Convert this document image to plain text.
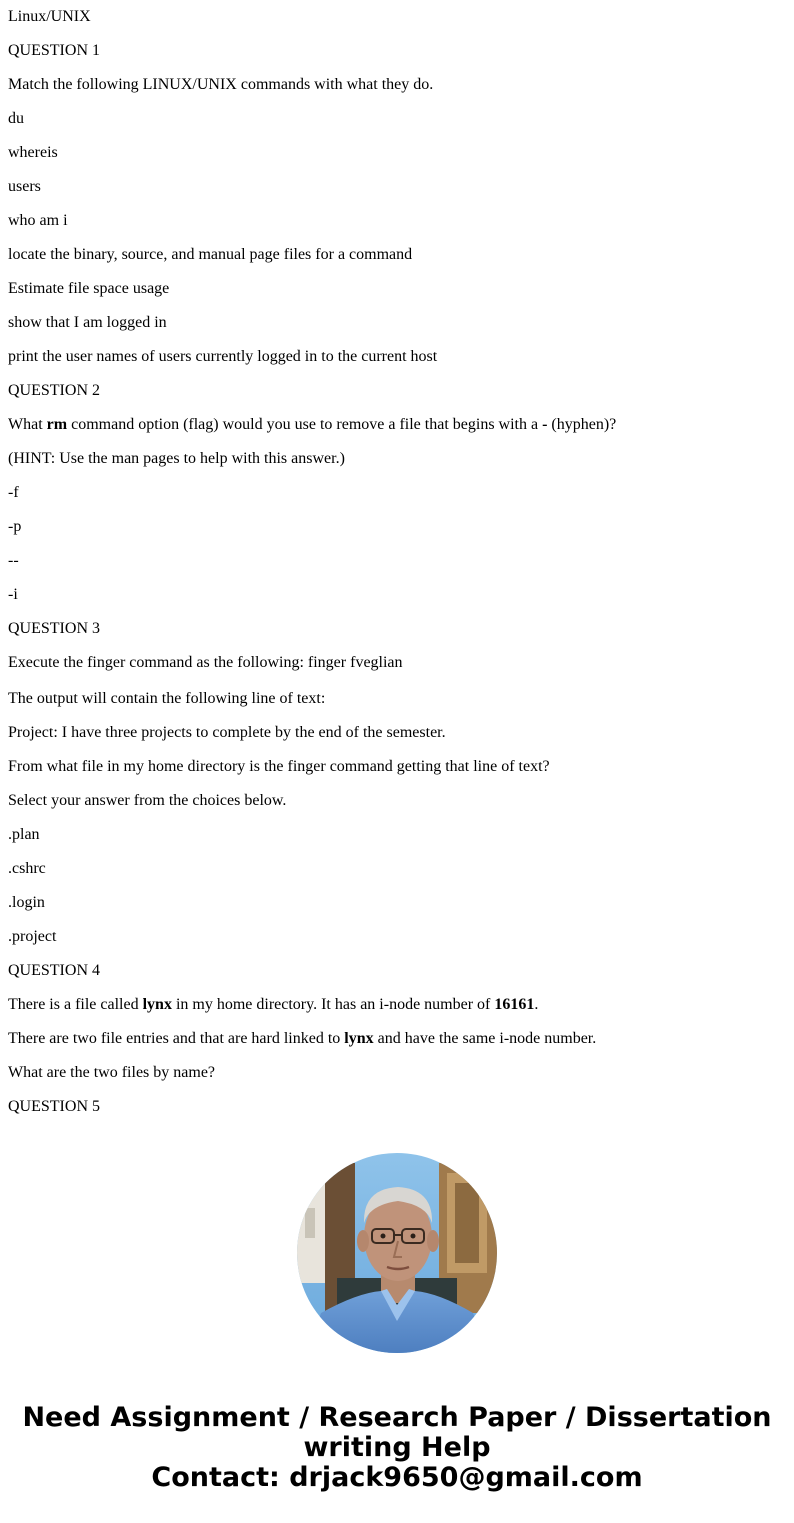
Linux/UNIX
QUESTION 1
Match the following LINUX/UNIX commands with what they do.
du
whereis
users
who am i
locate the binary, source, and manual page files for a command
Estimate file space usage
show that I am logged in
print the user names of users currently logged in to the current host
QUESTION 2
What rm command option (flag) would you use to remove a file that begins with a - (hyphen)?
(HINT: Use the man pages to help with this answer.)
-f
-p
--
-i
QUESTION 3
Execute the finger command as the following: finger fveglian
The output will contain the following line of text:
Project: I have three projects to complete by the end of the semester.
From what file in my home directory is the finger command getting that line of text?
Select your answer from the choices below.
.plan
.cshrc
.login
.project
QUESTION 4
There is a file called lynx in my home directory. It has an i-node number of 16161.
There are two file entries and that are hard linked to lynx and have the same i-node number.
What are the two files by name?
QUESTION 5
Need Assignment / Research Paper / Dissertation
writing Help
Contact: drjack9650@gmail.com
